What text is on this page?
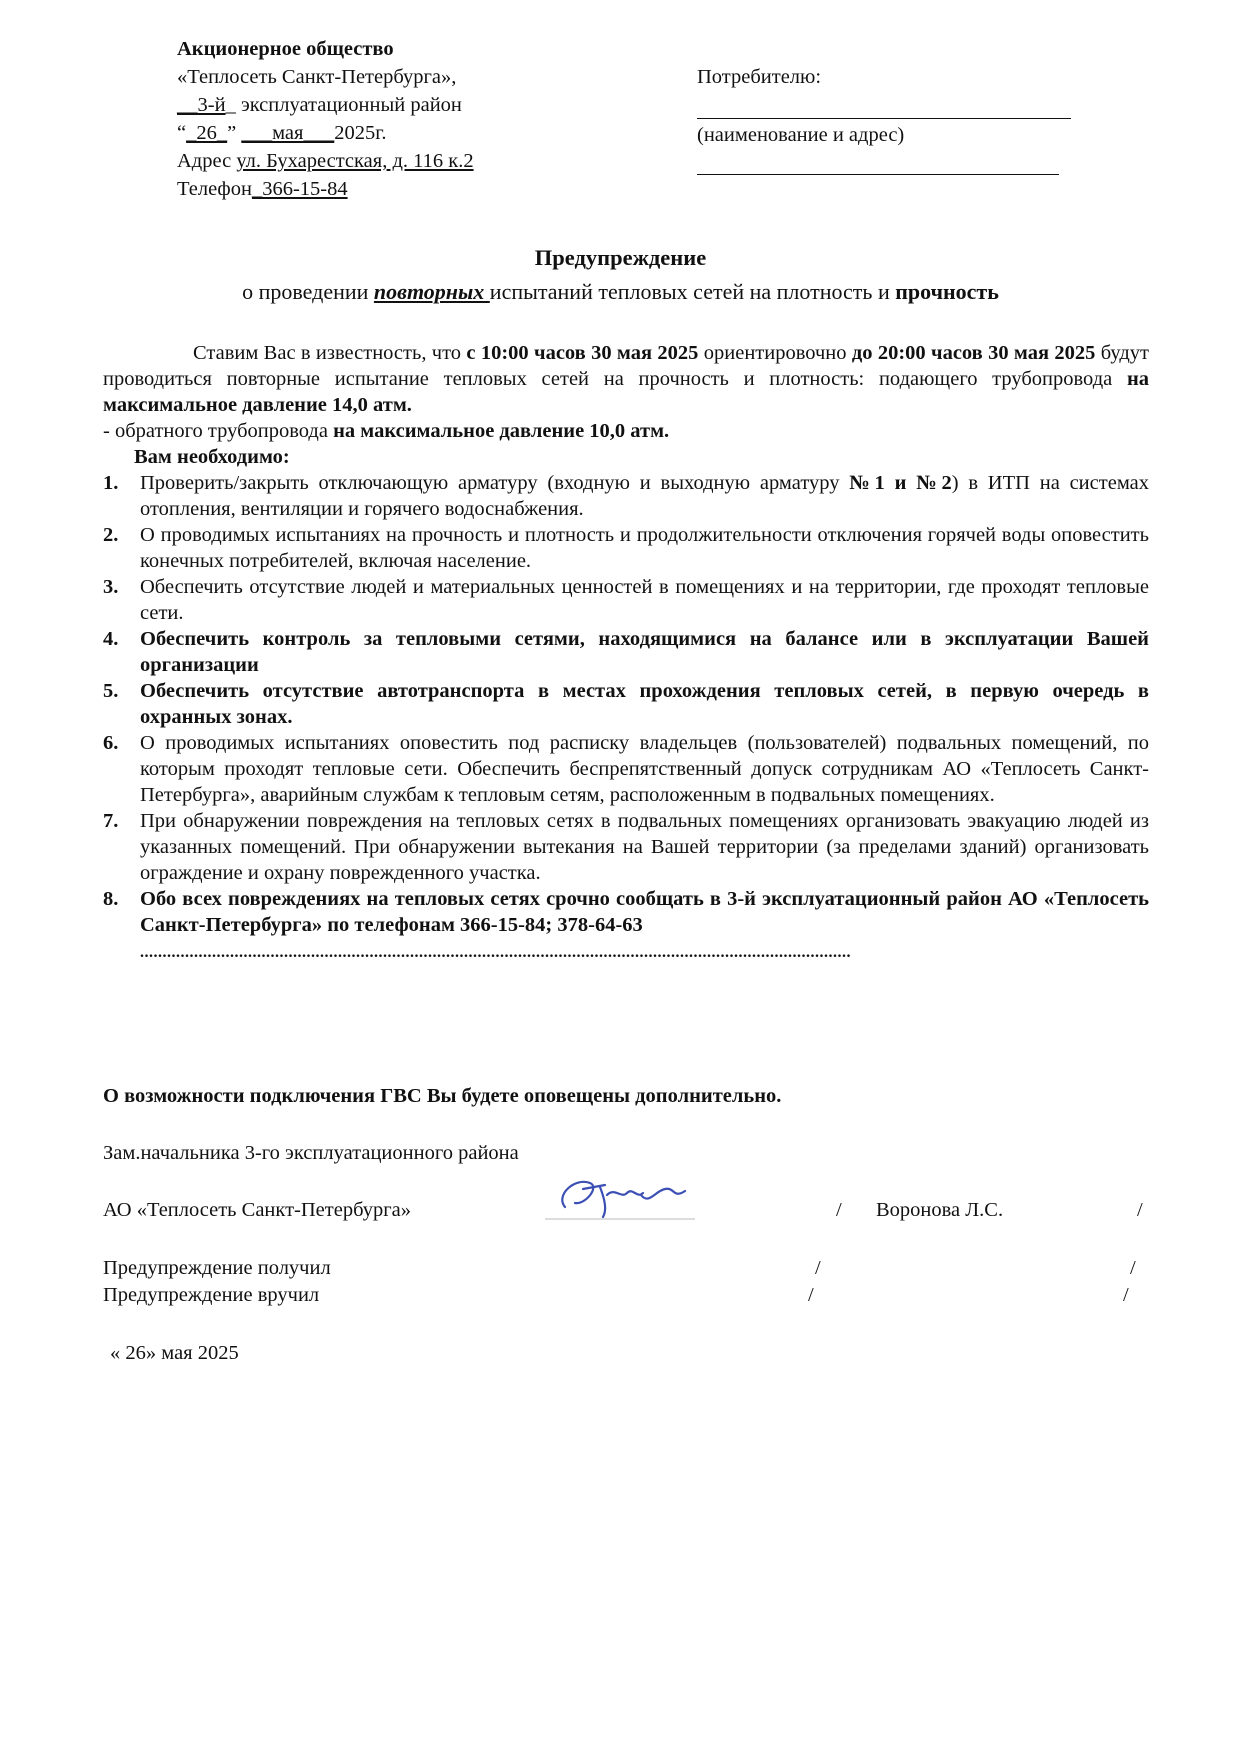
Акционерное общество
«Теплосеть Санкт-Петербурга»,
__3-й_ эксплуатационный район
“_26_” ___мая___2025г.
Адрес ул. Бухарестская, д. 116 к.2
Телефон_366-15-84
Потребителю:
(наименование и адрес)
Предупреждение
о проведении повторных испытаний тепловых сетей на плотность и прочность

Ставим Вас в известность, что с 10:00 часов 30 мая 2025 ориентировочно до 20:00 часов 30 мая 2025 будут проводиться повторные испытание тепловых сетей на прочность и плотность: подающего трубопровода на максимальное давление 14,0 атм.

- обратного трубопровода на максимальное давление 10,0 атм.

Вам необходимо:

1. Проверить/закрыть отключающую арматуру (входную и выходную арматуру №1 и №2) в ИТП на системах отопления, вентиляции и горячего водоснабжения.
2. О проводимых испытаниях на прочность и плотность и продолжительности отключения горячей воды оповестить конечных потребителей, включая население.
3. Обеспечить отсутствие людей и материальных ценностей в помещениях и на территории, где проходят тепловые сети.
4. Обеспечить контроль за тепловыми сетями, находящимися на балансе или в эксплуатации Вашей организации
5. Обеспечить отсутствие автотранспорта в местах прохождения тепловых сетей, в первую очередь в охранных зонах.
6. О проводимых испытаниях оповестить под расписку владельцев (пользователей) подвальных помещений, по которым проходят тепловые сети. Обеспечить беспрепятственный допуск сотрудникам АО «Теплосеть Санкт-Петербурга», аварийным службам к тепловым сетям, расположенным в подвальных помещениях.
7. При обнаружении повреждения на тепловых сетях в подвальных помещениях организовать эвакуацию людей из указанных помещений. При обнаружении вытекания на Вашей территории (за пределами зданий) организовать ограждение и охрану поврежденного участка.
8. Обо всех повреждениях на тепловых сетях срочно сообщать в 3-й эксплуатационный район АО «Теплосеть Санкт-Петербурга» по телефонам 366-15-84; 378-64-63
..............................................................................................................................................................
О возможности подключения ГВС Вы будете оповещены дополнительно.
Зам.начальника 3-го эксплуатационного района
АО «Теплосеть Санкт-Петербурга»	/ Воронова Л.С.	/
Предупреждение получил	/	/
Предупреждение вручил	/	/
« 26» мая 2025
